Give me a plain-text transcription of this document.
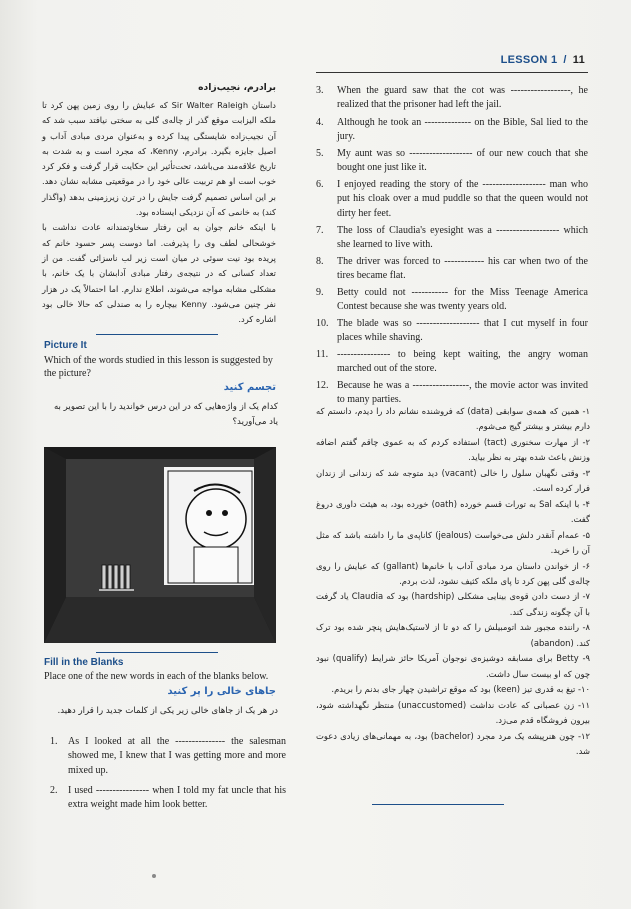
LESSON 1 / 11
برادرم، نجیب‌زاده

داستان Sir Walter Raleigh که عبایش را روی زمین پهن کرد تا ملکه الیزابت موقع گذر از چاله‌ی گلی به سختی نیافتد سبب شد که آن نجیب‌زاده شایستگی پیدا کرده و به‌عنوان مردی مبادی آداب و اصیل جایزه بگیرد. برادرم، Kenny، که مجرد است و به شدت به تاریخ علاقه‌مند می‌باشد، تحت‌تأثیر این حکایت قرار گرفت و فکر کرد خوب است او هم تربیت عالی خود را در موقعیتی مشابه نشان دهد. بر این اساس تصمیم گرفت جایش را در ترن زیرزمینی بدهد (واگذار کند) به خانمی که آن نزدیکی ایستاده بود.

با اینکه خانم جوان به این رفتار سخاوتمندانه عادت نداشت با خوشحالی لطف وی را پذیرفت. اما دوست پسر حسود خانم که پریده بود نیت سوئی در میان است زیر لب ناسزائی گفت. من از تعداد کسانی که در نتیجه‌ی رفتار مبادی آدابشان با یک خانم، با مشکلی مشابه مواجه می‌شوند، اطلاع ندارم. اما احتمالاً یک در هزار نفر چنین می‌شود. Kenny بیچاره را به صندلی که حالا خالی بود اشاره کرد.

Picture It
Which of the words studied in this lesson is suggested by the picture?
تجسم کنید
کدام یک از واژه‌هایی که در این درس خواندید را با این تصویر به یاد می‌آورید؟
Fill in the Blanks
Place one of the new words in each of the blanks below.
جاهای خالی را پر کنید
در هر یک از جاهای خالی زیر یکی از کلمات جدید را قرار دهید.
1. As I looked at all the --------------- the salesman showed me, I knew that I was getting more and more mixed up.
2. I used ---------------- when I told my fat uncle that his extra weight made him look better.
3. When the guard saw that the cot was ------------------, he realized that the prisoner had left the jail.
4. Although he took an -------------- on the Bible, Sal lied to the jury.
5. My aunt was so ------------------- of our new couch that she bought one just like it.
6. I enjoyed reading the story of the ------------------- man who put his cloak over a mud puddle so that the queen would not dirty her feet.
7. The loss of Claudia's eyesight was a ------------------- which she learned to live with.
8. The driver was forced to ------------ his car when two of the tires became flat.
9. Betty could not ----------- for the Miss Teenage America Contest because she was twenty years old.
10. The blade was so ------------------- that I cut myself in four places while shaving.
11. ---------------- to being kept waiting, the angry woman marched out of the store.
12. Because he was a -----------------, the movie actor was invited to many parties.

۱- همین که همه‌ی سوابقی (data) که فروشنده نشانم داد را دیدم، دانستم که دارم بیشتر و بیشتر گیج می‌شوم.

۲- از مهارت سخنوری (tact) استفاده کردم که به عموی چاقم گفتم اضافه وزنش باعث شده بهتر به نظر بیاید.

۳- وقتی نگهبان سلول را خالی (vacant) دید متوجه شد که زندانی از زندان فرار کرده است.

۴- با اینکه Sal به تورات قسم خورده (oath) خورده بود، به هیئت داوری دروغ گفت.

۵- عمه‌ام آنقدر دلش می‌خواست (jealous) کاناپه‌ی ما را داشته باشد که مثل آن را خرید.

۶- از خواندن داستان مرد مبادی آداب با خانم‌ها (gallant) که عبایش را روی چاله‌ی گلی پهن کرد تا پای ملکه کثیف نشود، لذت بردم.

۷- از دست دادن قوه‌ی بینایی مشکلی (hardship) بود که Claudia یاد گرفت با آن چگونه زندگی کند.

۸- راننده مجبور شد اتومبیلش را که دو تا از لاستیک‌هایش پنچر شده بود ترک کند. (abandon)

۹- Betty برای مسابقه دوشیزه‌ی نوجوان آمریکا حائز شرایط (qualify) نبود چون که او بیست سال داشت.

۱۰- تیغ به قدری تیز (keen) بود که موقع تراشیدن چهار جای بدنم را بریدم.

۱۱- زن عصبانی که عادت نداشت (unaccustomed) منتظر نگهداشته شود، بیرون فروشگاه قدم می‌زد.

۱۲- چون هنرپیشه یک مرد مجرد (bachelor) بود، به مهمانی‌های زیادی دعوت شد.
